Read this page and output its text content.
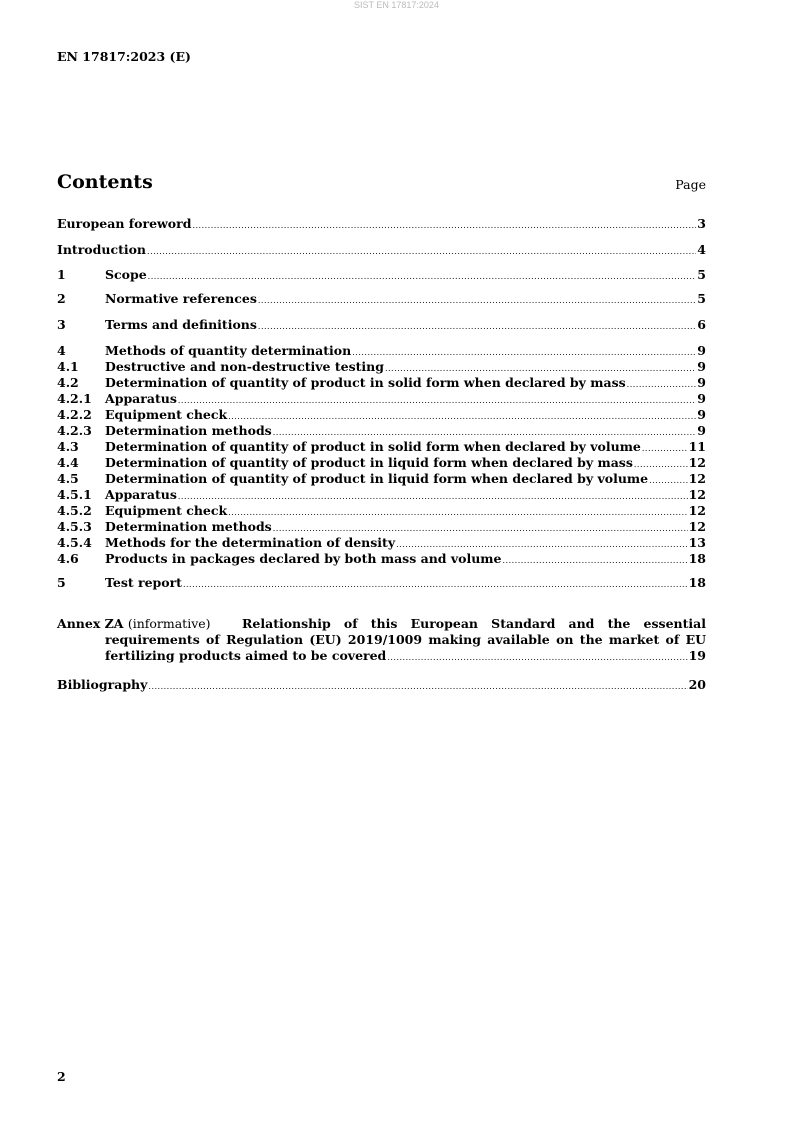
SIST EN 17817:2024
EN 17817:2023 (E)
Contents	Page
European foreword .....	3
Introduction .....	4
1	Scope .....	5
2	Normative references .....	5
3	Terms and definitions .....	6
4	Methods of quantity determination .....	9
4.1	Destructive and non-destructive testing .....	9
4.2	Determination of quantity of product in solid form when declared by mass .....	9
4.2.1	Apparatus .....	9
4.2.2	Equipment check .....	9
4.2.3	Determination methods .....	9
4.3	Determination of quantity of product in solid form when declared by volume .....	11
4.4	Determination of quantity of product in liquid form when declared by mass .....	12
4.5	Determination of quantity of product in liquid form when declared by volume .....	12
4.5.1	Apparatus .....	12
4.5.2	Equipment check .....	12
4.5.3	Determination methods .....	12
4.5.4	Methods for the determination of density .....	13
4.6	Products in packages declared by both mass and volume .....	18
5	Test report .....	18
Annex ZA (informative)	Relationship of this European Standard and the essential
requirements of Regulation (EU) 2019/1009 making available on the market of EU
fertilizing products aimed to be covered .....	19
Bibliography .....	20
2
